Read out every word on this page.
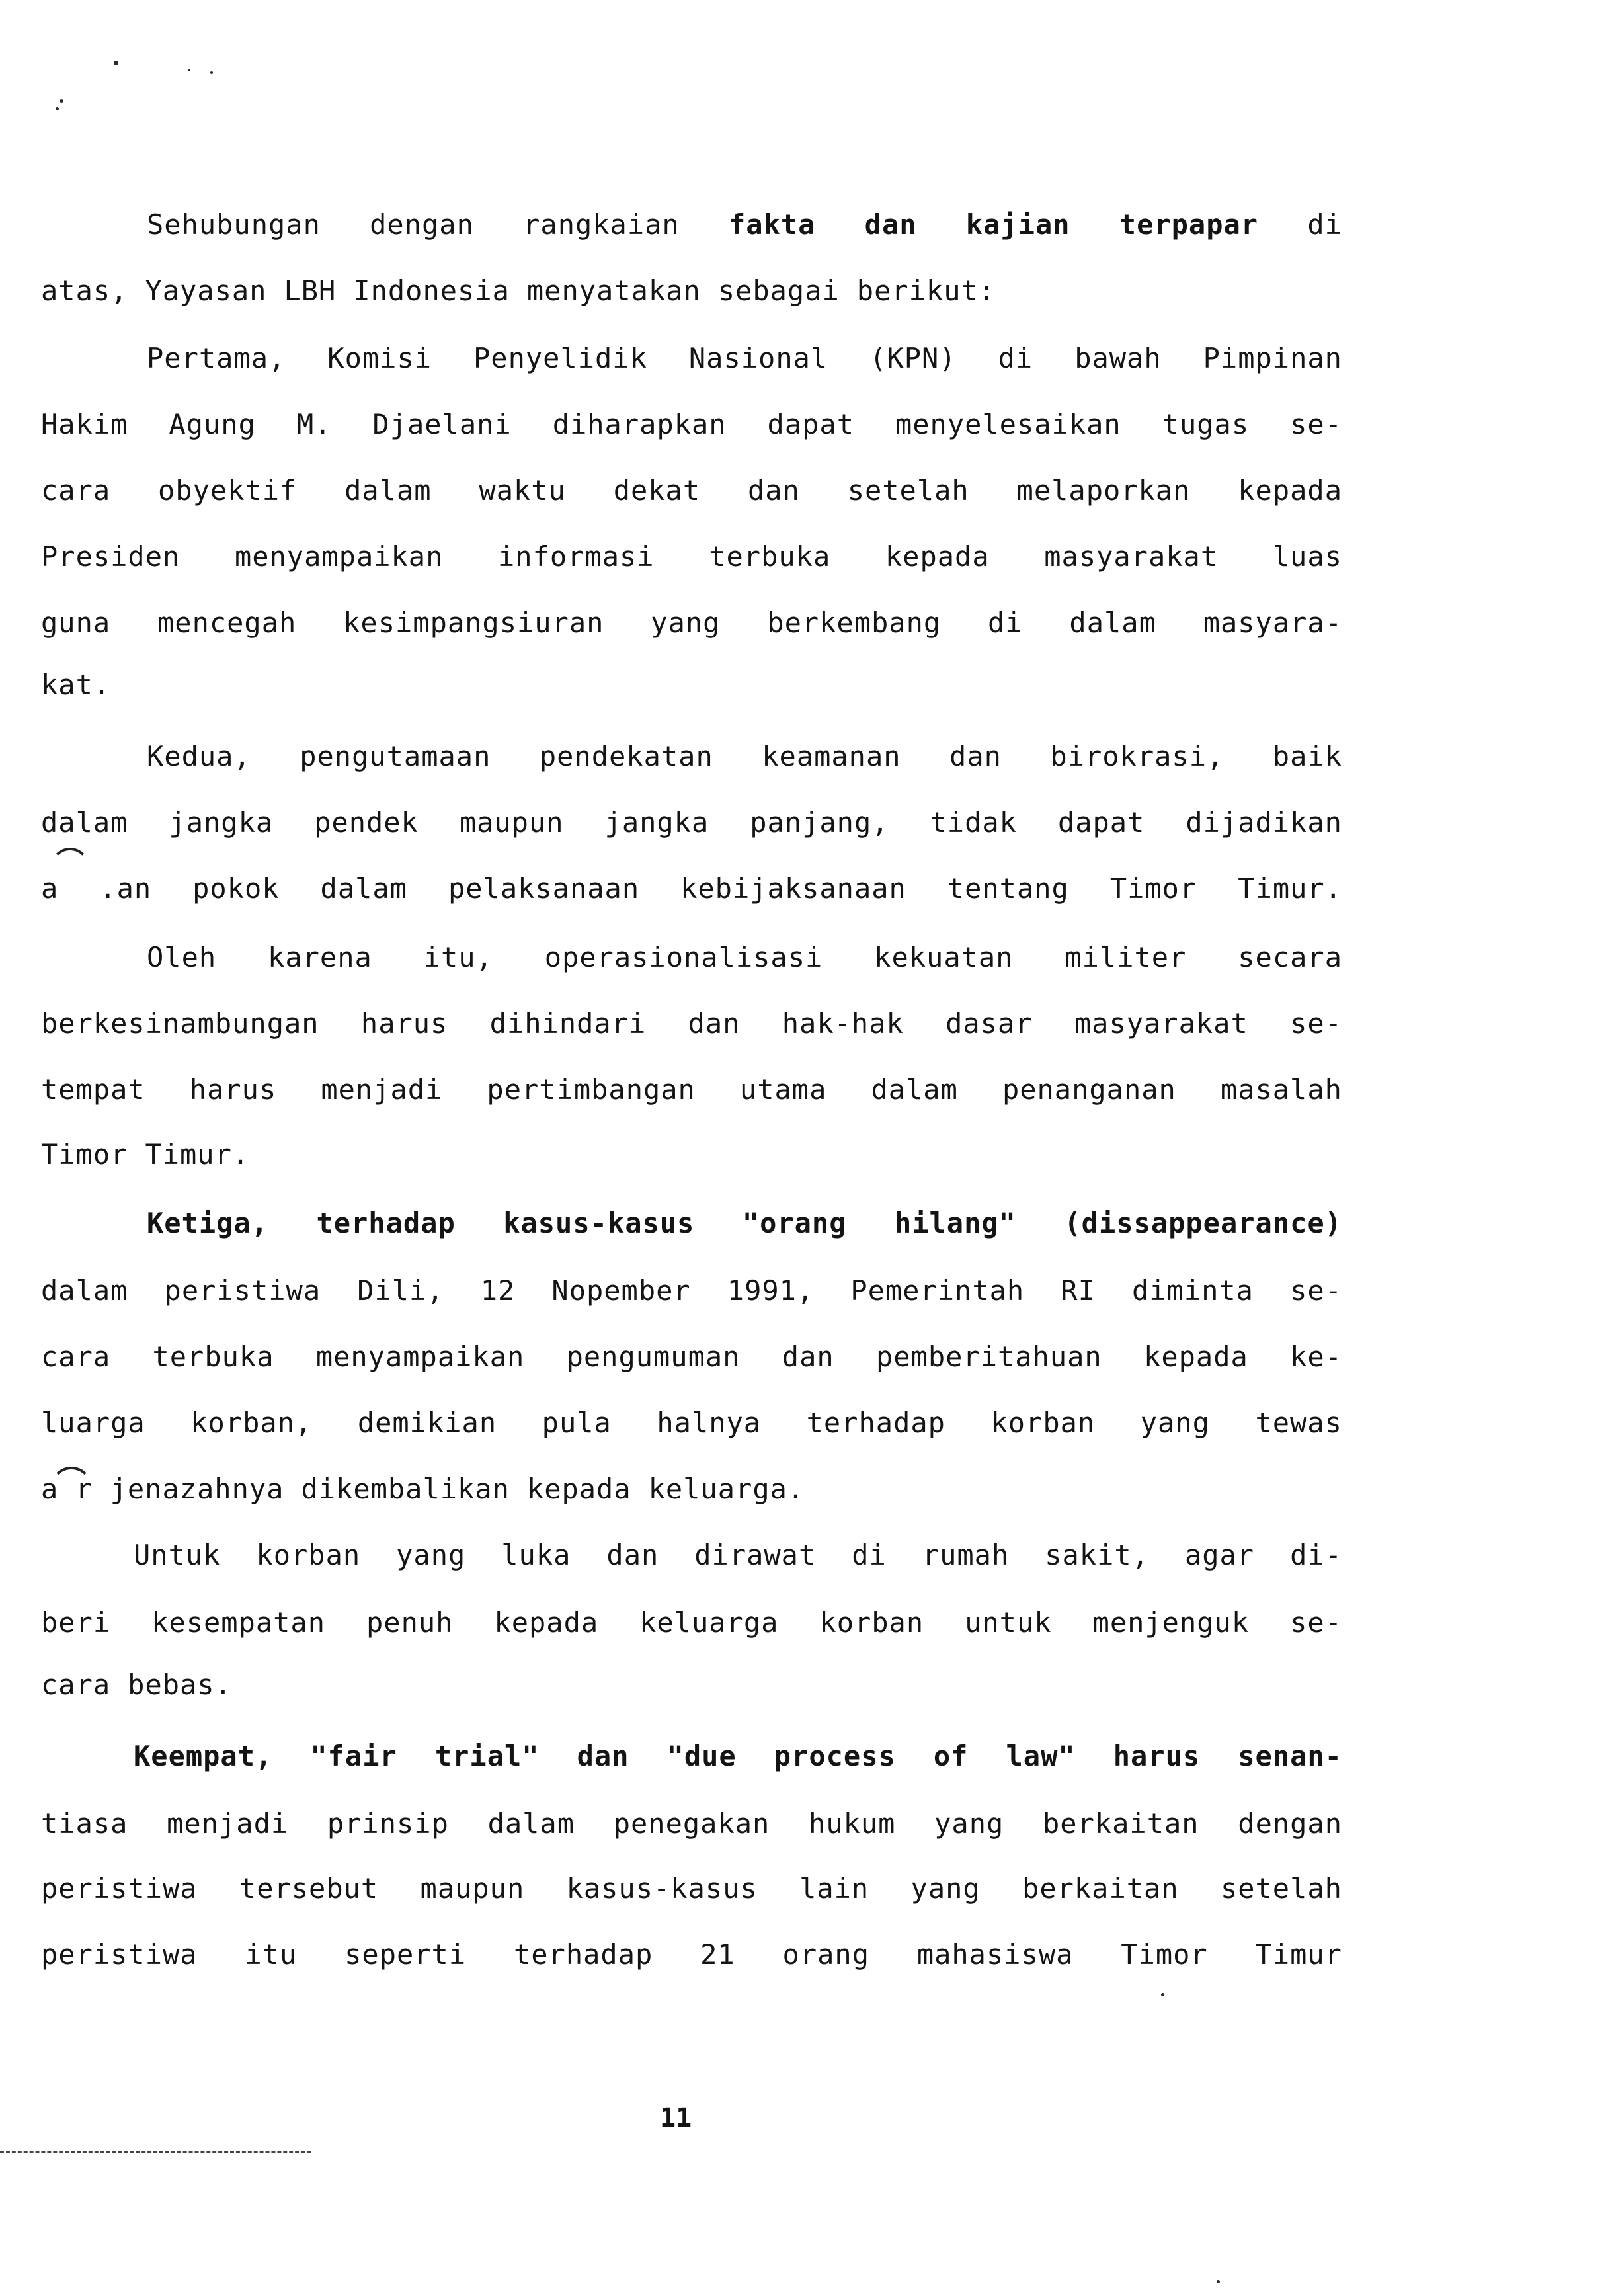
Sehubungan dengan rangkaian fakta dan kajian terpapar di
atas, Yayasan LBH Indonesia menyatakan sebagai berikut:
Pertama, Komisi Penyelidik Nasional (KPN) di bawah Pimpinan
Hakim Agung M. Djaelani diharapkan dapat menyelesaikan tugas se-
cara obyektif dalam waktu dekat dan setelah melaporkan kepada
Presiden menyampaikan informasi terbuka kepada masyarakat luas
guna mencegah kesimpangsiuran yang berkembang di dalam masyara-
kat.
Kedua, pengutamaan pendekatan keamanan dan birokrasi, baik
dalam jangka pendek maupun jangka panjang, tidak dapat dijadikan
a .an pokok dalam pelaksanaan kebijaksanaan tentang Timor Timur.
Oleh karena itu, operasionalisasi kekuatan militer secara
berkesinambungan harus dihindari dan hak-hak dasar masyarakat se-
tempat harus menjadi pertimbangan utama dalam penanganan masalah
Timor Timur.
Ketiga, terhadap kasus-kasus "orang hilang" (dissappearance)
dalam peristiwa Dili, 12 Nopember 1991, Pemerintah RI diminta se-
cara terbuka menyampaikan pengumuman dan pemberitahuan kepada ke-
luarga korban, demikian pula halnya terhadap korban yang tewas
a r jenazahnya dikembalikan kepada keluarga.
Untuk korban yang luka dan dirawat di rumah sakit, agar di-
beri kesempatan penuh kepada keluarga korban untuk menjenguk se-
cara bebas.
Keempat, "fair trial" dan "due process of law" harus senan-
tiasa menjadi prinsip dalam penegakan hukum yang berkaitan dengan
peristiwa tersebut maupun kasus-kasus lain yang berkaitan setelah
peristiwa itu seperti terhadap 21 orang mahasiswa Timor Timur
11
